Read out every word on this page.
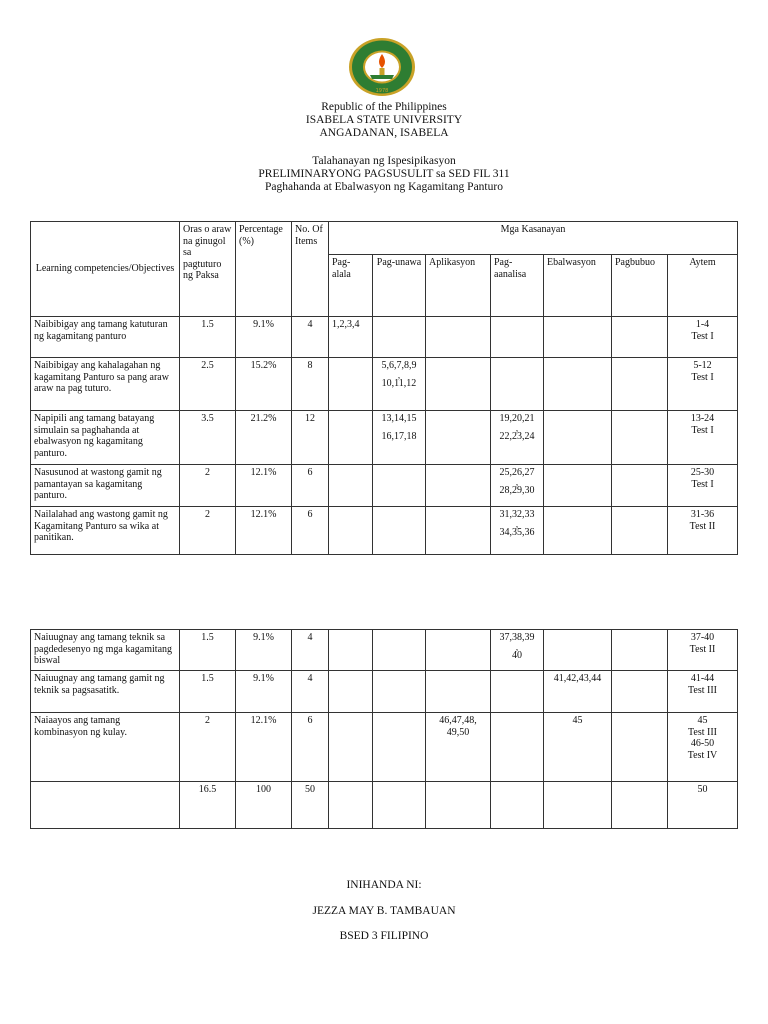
1978
Republic of the Philippines
ISABELA STATE UNIVERSITY
ANGADANAN, ISABELA
Talahanayan ng Ispesipikasyon
PRELIMINARYONG PAGSUSULIT sa SED FIL 311
Paghahanda at Ebalwasyon ng Kagamitang Panturo
Learning competencies/Objectives	Oras o araw na ginugol sa pagtuturo ng Paksa	Percentage (%)	No. Of Items	Mga Kasanayan						
				Pag-alala	Pag-unawa	Aplikasyon	Pag-aanalisa	Ebalwasyon	Pagbubuo	Aytem
Naibibigay ang tamang katuturan ng kagamitang panturo	1.5	9.1%	4	1,2,3,4						1-4
Test I

Naibibigay ang kahalagahan ng kagamitang Panturo sa pang araw araw na pag tuturo.	2.5	15.2%	8		5,6,7,8,9
,
10,11,12					5-12
Test I

Napipili ang tamang batayang simulain sa paghahanda at ebalwasyon ng kagamitang panturo.	3.5	21.2%	12		13,14,15

16,17,18		19,20,21
,
22,23,24			13-24
Test I

Nasusunod at wastong gamit ng pamantayan sa kagamitang panturo.	2	12.1%	6				25,26,27
,
28,29,30			25-30
Test I

Nailalahad ang wastong gamit ng Kagamitang Panturo sa wika at panitikan.	2	12.1%	6				31,32,33
,
34,35,36			31-36
Test II
Naiuugnay ang tamang teknik sa pagdedesenyo ng mga kagamitang biswal	1.5	9.1%	4				37,38,39
,
40			37-40
Test II

Naiuugnay ang tamang gamit ng teknik sa pagsasatitk.	1.5	9.1%	4					41,42,43,44		41-44
Test III

Naiaayos ang tamang kombinasyon ng kulay.	2	12.1%	6			46,47,48,
49,50		45		45
Test III
46-50
Test IV

	16.5	100	50							50
INIHANDA NI:
JEZZA MAY B. TAMBAUAN
BSED 3 FILIPINO
